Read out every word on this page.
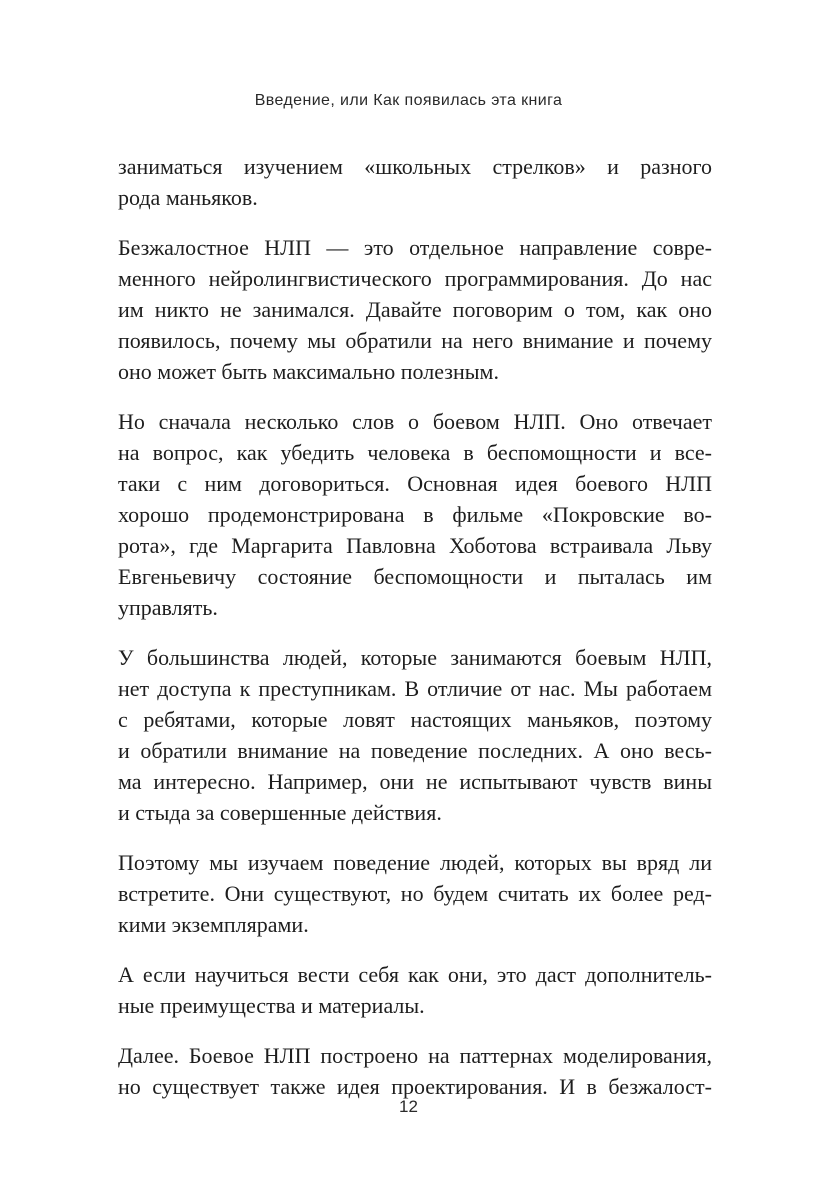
Введение, или Как появилась эта книга

заниматься изучением «школьных стрелков» и разного
рода маньяков.

Безжалостное НЛП — это отдельное направление совре-
менного нейролингвистического программирования. До нас
им никто не занимался. Давайте поговорим о том, как оно
появилось, почему мы обратили на него внимание и почему
оно может быть максимально полезным.

Но сначала несколько слов о боевом НЛП. Оно отвечает
на вопрос, как убедить человека в беспомощности и все-
таки с ним договориться. Основная идея боевого НЛП
хорошо продемонстрирована в фильме «Покровские во-
рота», где Маргарита Павловна Хоботова встраивала Льву
Евгеньевичу состояние беспомощности и пыталась им
управлять.

У большинства людей, которые занимаются боевым НЛП,
нет доступа к преступникам. В отличие от нас. Мы работаем
с ребятами, которые ловят настоящих маньяков, поэтому
и обратили внимание на поведение последних. А оно весь-
ма интересно. Например, они не испытывают чувств вины
и стыда за совершенные действия.

Поэтому мы изучаем поведение людей, которых вы вряд ли
встретите. Они существуют, но будем считать их более ред-
кими экземплярами.

А если научиться вести себя как они, это даст дополнитель-
ные преимущества и материалы.

Далее. Боевое НЛП построено на паттернах моделирования,
но существует также идея проектирования. И в безжалост-

12
